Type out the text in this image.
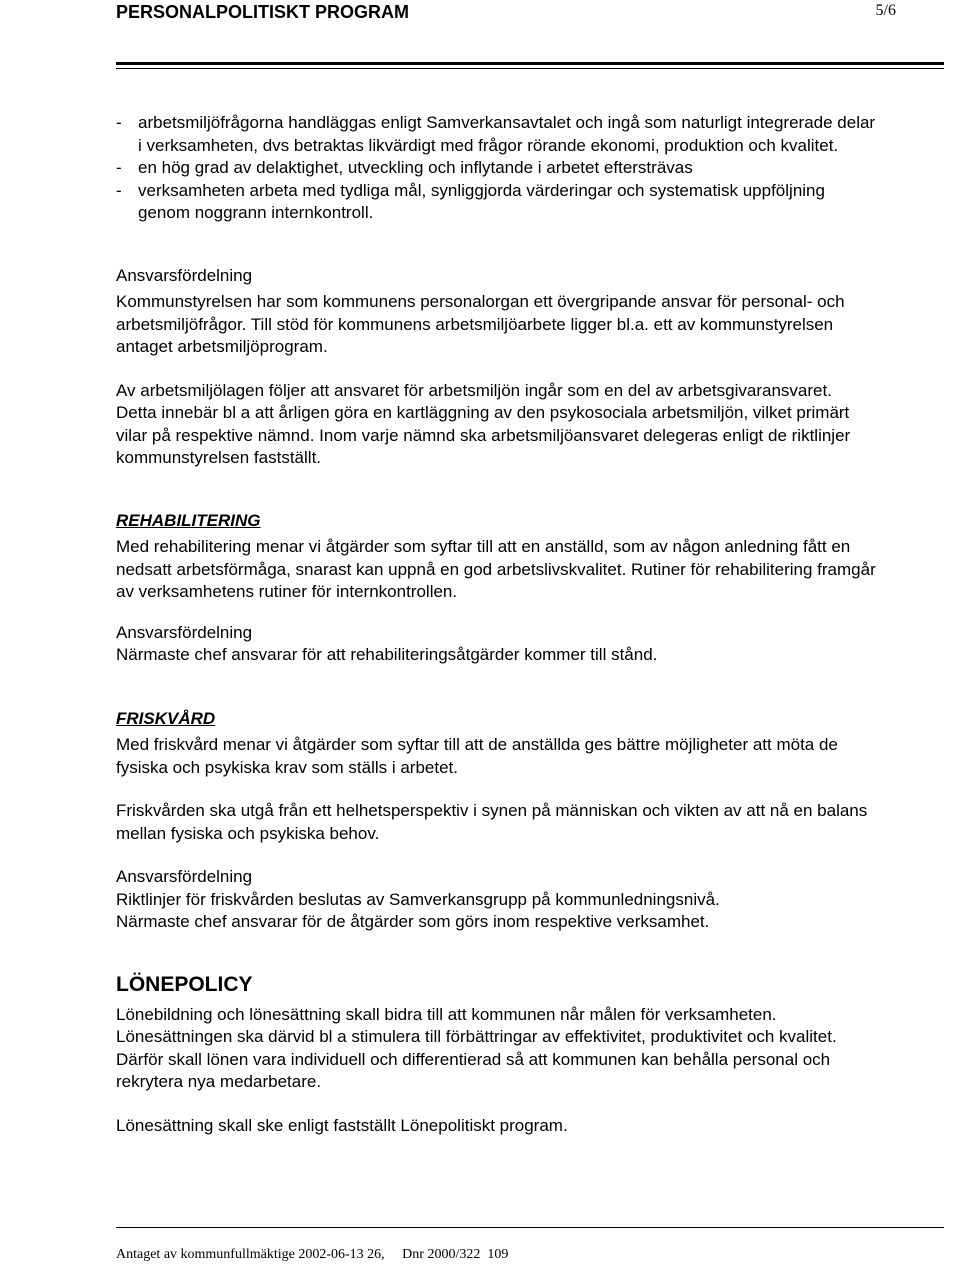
PERSONALPOLITISKT PROGRAM	5/6
- arbetsmiljöfrågorna handläggas enligt Samverkansavtalet och ingå som naturligt integrerade delar i verksamheten, dvs betraktas likvärdigt med frågor rörande ekonomi, produktion och kvalitet.
- en hög grad av delaktighet, utveckling och inflytande i arbetet eftersträvas
- verksamheten arbeta med tydliga mål, synliggjorda värderingar och systematisk uppföljning genom noggrann internkontroll.
Ansvarsfördelning

Kommunstyrelsen har som kommunens personalorgan ett övergripande ansvar för personal- och arbetsmiljöfrågor. Till stöd för kommunens arbetsmiljöarbete ligger bl.a. ett av kommunstyrelsen antaget arbetsmiljöprogram.

Av arbetsmiljölagen följer att ansvaret för arbetsmiljön ingår som en del av arbetsgivaransvaret. Detta innebär bl a att årligen göra en kartläggning av den psykosociala arbetsmiljön, vilket primärt vilar på respektive nämnd. Inom varje nämnd ska arbetsmiljöansvaret delegeras enligt de riktlinjer kommunstyrelsen fastställt.

REHABILITERING

Med rehabilitering menar vi åtgärder som syftar till att en anställd, som av någon anledning fått en nedsatt arbetsförmåga, snarast kan uppnå en god arbetslivskvalitet. Rutiner för rehabilitering framgår av verksamhetens rutiner för internkontrollen.

Ansvarsfördelning

Närmaste chef ansvarar för att rehabiliteringsåtgärder kommer till stånd.

FRISKVÅRD

Med friskvård menar vi åtgärder som syftar till att de anställda ges bättre möjligheter att möta de fysiska och psykiska krav som ställs i arbetet.

Friskvården ska utgå från ett helhetsperspektiv i synen på människan och vikten av att nå en balans mellan fysiska och psykiska behov.

Ansvarsfördelning

Riktlinjer för friskvården beslutas av Samverkansgrupp på kommunledningsnivå.

Närmaste chef ansvarar för de åtgärder som görs inom respektive verksamhet.

LÖNEPOLICY

Lönebildning och lönesättning skall bidra till att kommunen når målen för verksamheten. Lönesättningen ska därvid bl a stimulera till förbättringar av effektivitet, produktivitet och kvalitet. Därför skall lönen vara individuell och differentierad så att kommunen kan behålla personal och rekrytera nya medarbetare.

Lönesättning skall ske enligt fastställt Lönepolitiskt program.

Antaget av kommunfullmäktige 2002-06-13 26,     Dnr 2000/322  109
